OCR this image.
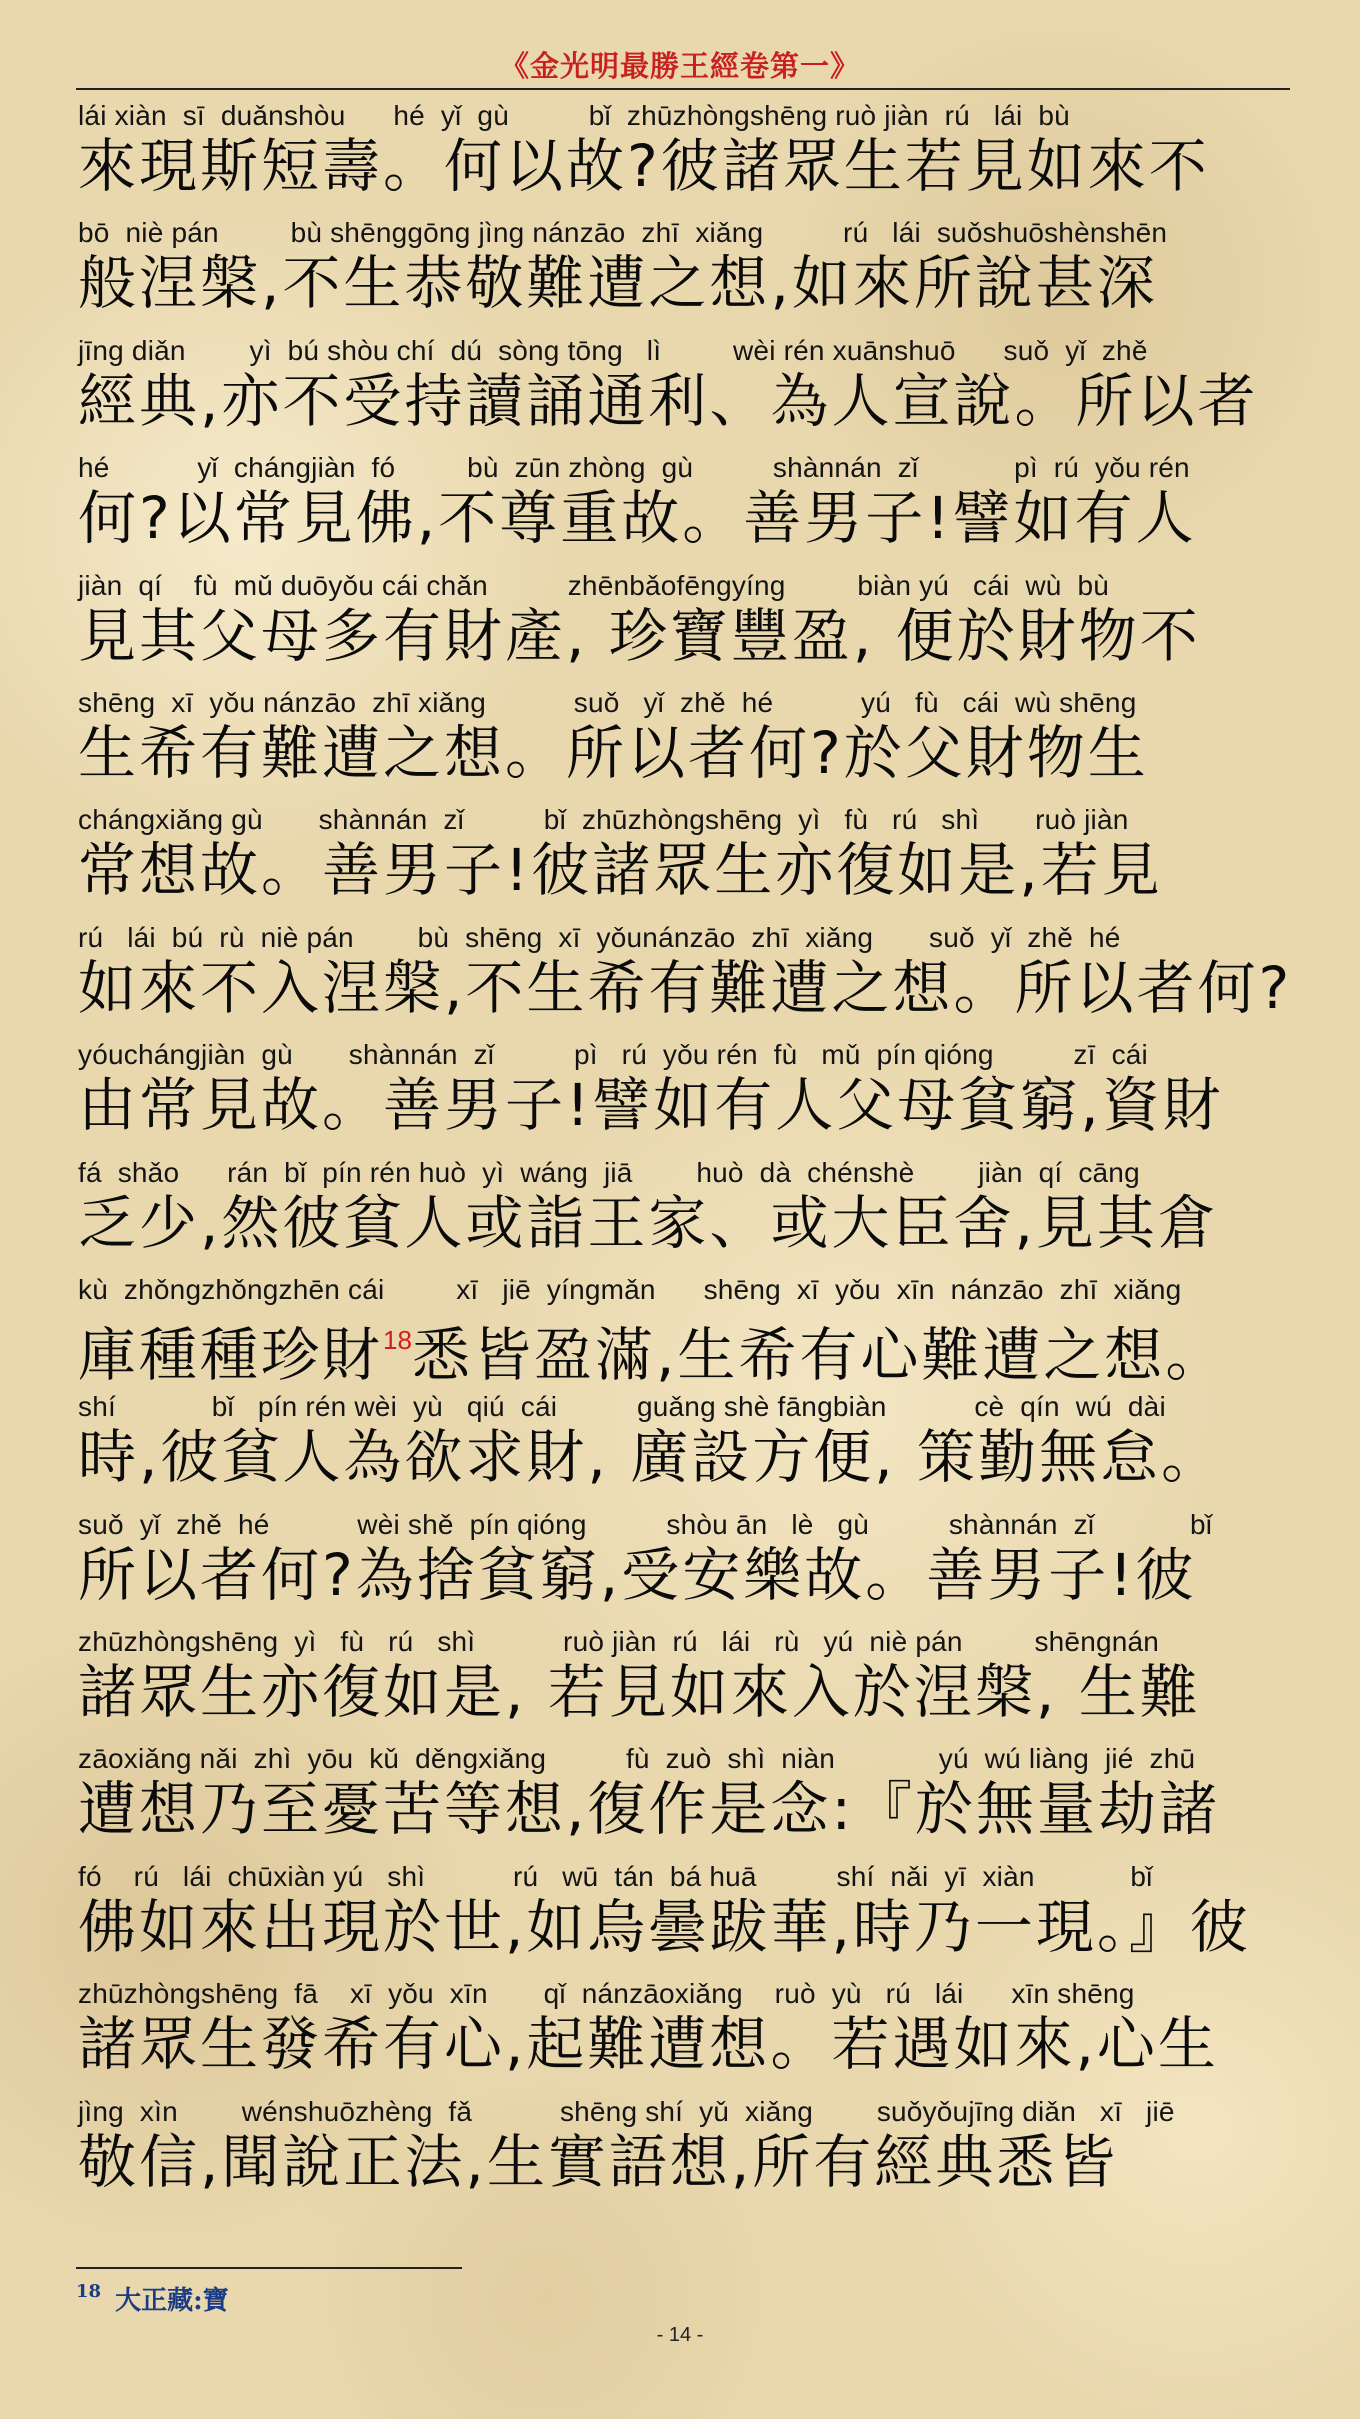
《金光明最勝王經卷第一》
lái xiàn  sī  duǎnshòu      hé  yǐ  gù          bǐ  zhūzhòngshēng ruò jiàn  rú   lái  bù
來現斯短壽。何以故?彼諸眾生若見如來不
bō  niè pán         bù shēnggōng jìng nánzāo  zhī  xiǎng          rú   lái  suǒshuōshènshēn
般涅槃,不生恭敬難遭之想,如來所說甚深
jīng diǎn        yì  bú shòu chí  dú  sòng tōng   lì         wèi rén xuānshuō      suǒ  yǐ  zhě
經典,亦不受持讀誦通利、為人宣說。所以者
hé           yǐ  chángjiàn  fó         bù  zūn zhòng  gù          shànnán  zǐ            pì  rú  yǒu rén
何?以常見佛,不尊重故。善男子!譬如有人
jiàn  qí    fù  mǔ duōyǒu cái chǎn          zhēnbǎofēngyíng         biàn yú   cái  wù  bù
見其父母多有財產, 珍寶豐盈, 便於財物不
shēng  xī  yǒu nánzāo  zhī xiǎng           suǒ   yǐ  zhě  hé           yú   fù   cái  wù shēng
生希有難遭之想。所以者何?於父財物生
chángxiǎng gù       shànnán  zǐ          bǐ  zhūzhòngshēng  yì   fù   rú   shì       ruò jiàn
常想故。善男子!彼諸眾生亦復如是,若見
rú   lái  bú  rù  niè pán        bù  shēng  xī  yǒunánzāo  zhī  xiǎng       suǒ  yǐ  zhě  hé
如來不入涅槃,不生希有難遭之想。所以者何?
yóuchángjiàn  gù       shànnán  zǐ          pì   rú  yǒu rén  fù   mǔ  pín qióng          zī  cái
由常見故。善男子!譬如有人父母貧窮,資財
fá  shǎo      rán  bǐ  pín rén huò  yì  wáng  jiā        huò  dà  chénshè        jiàn  qí  cāng
乏少,然彼貧人或詣王家、或大臣舍,見其倉
kù  zhǒngzhǒngzhēn cái         xī   jiē  yíngmǎn      shēng  xī  yǒu  xīn  nánzāo  zhī  xiǎng
庫種種珍財$^{18}$悉皆盈滿,生希有心難遭之想。
shí            bǐ   pín rén wèi  yù   qiú  cái          guǎng shè fāngbiàn           cè  qín  wú  dài
時,彼貧人為欲求財, 廣設方便, 策勤無怠。
suǒ  yǐ  zhě  hé           wèi shě  pín qióng          shòu ān   lè   gù          shànnán  zǐ            bǐ
所以者何?為捨貧窮,受安樂故。善男子!彼
zhūzhòngshēng  yì   fù   rú   shì           ruò jiàn  rú   lái   rù   yú  niè pán         shēngnán
諸眾生亦復如是, 若見如來入於涅槃, 生難
zāoxiǎng nǎi  zhì  yōu  kǔ  děngxiǎng          fù  zuò  shì  niàn             yú  wú liàng  jié  zhū
遭想乃至憂苦等想,復作是念:『於無量劫諸
fó    rú   lái  chūxiàn yú   shì           rú   wū  tán  bá huā          shí  nǎi  yī  xiàn            bǐ
佛如來出現於世,如烏曇跋華,時乃一現。』彼
zhūzhòngshēng  fā    xī  yǒu  xīn       qǐ  nánzāoxiǎng    ruò  yù   rú   lái      xīn shēng
諸眾生發希有心,起難遭想。若遇如來,心生
jìng  xìn        wénshuōzhèng  fǎ           shēng shí  yǔ  xiǎng        suǒyǒujīng diǎn   xī   jiē
敬信,聞說正法,生實語想,所有經典悉皆
18 大正藏:寶
- 14 -
